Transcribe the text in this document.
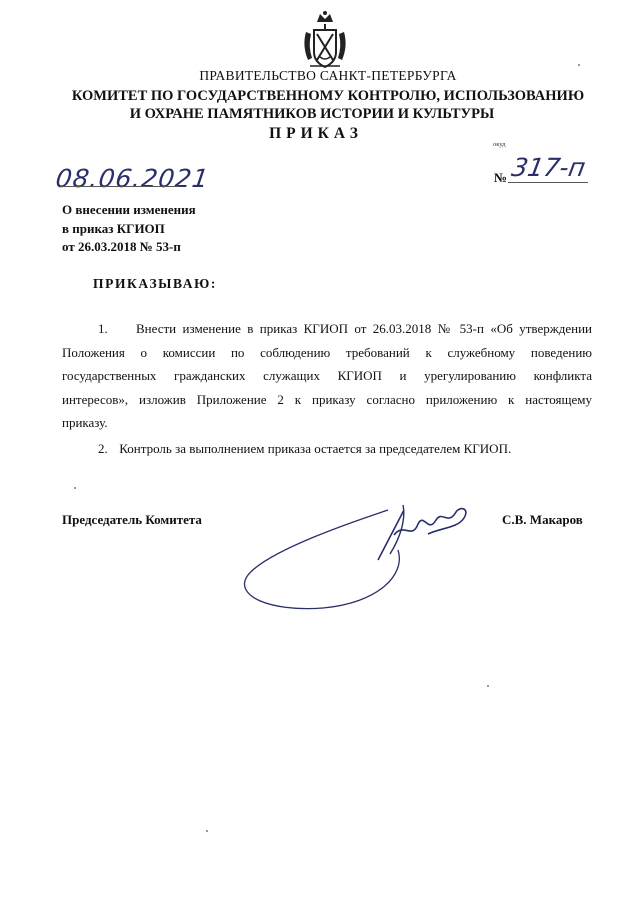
ПРАВИТЕЛЬСТВО САНКТ-ПЕТЕРБУРГА
КОМИТЕТ ПО ГОСУДАРСТВЕННОМУ КОНТРОЛЮ, ИСПОЛЬЗОВАНИЮ
И ОХРАНЕ ПАМЯТНИКОВ ИСТОРИИ И КУЛЬТУРЫ
ПРИКАЗ
08.06.2021
окуд
№ 317-п
О внесении изменения
в приказ КГИОП
от 26.03.2018 № 53-п
ПРИКАЗЫВАЮ:
1. Внести изменение в приказ КГИОП от 26.03.2018 № 53-п «Об утверждении
Положения о комиссии по соблюдению требований к служебному поведению
государственных гражданских служащих КГИОП и урегулированию конфликта
интересов», изложив Приложение 2 к приказу согласно приложению к настоящему
приказу.
2. Контроль за выполнением приказа остается за председателем КГИОП.
Председатель Комитета	С.В. Макаров
